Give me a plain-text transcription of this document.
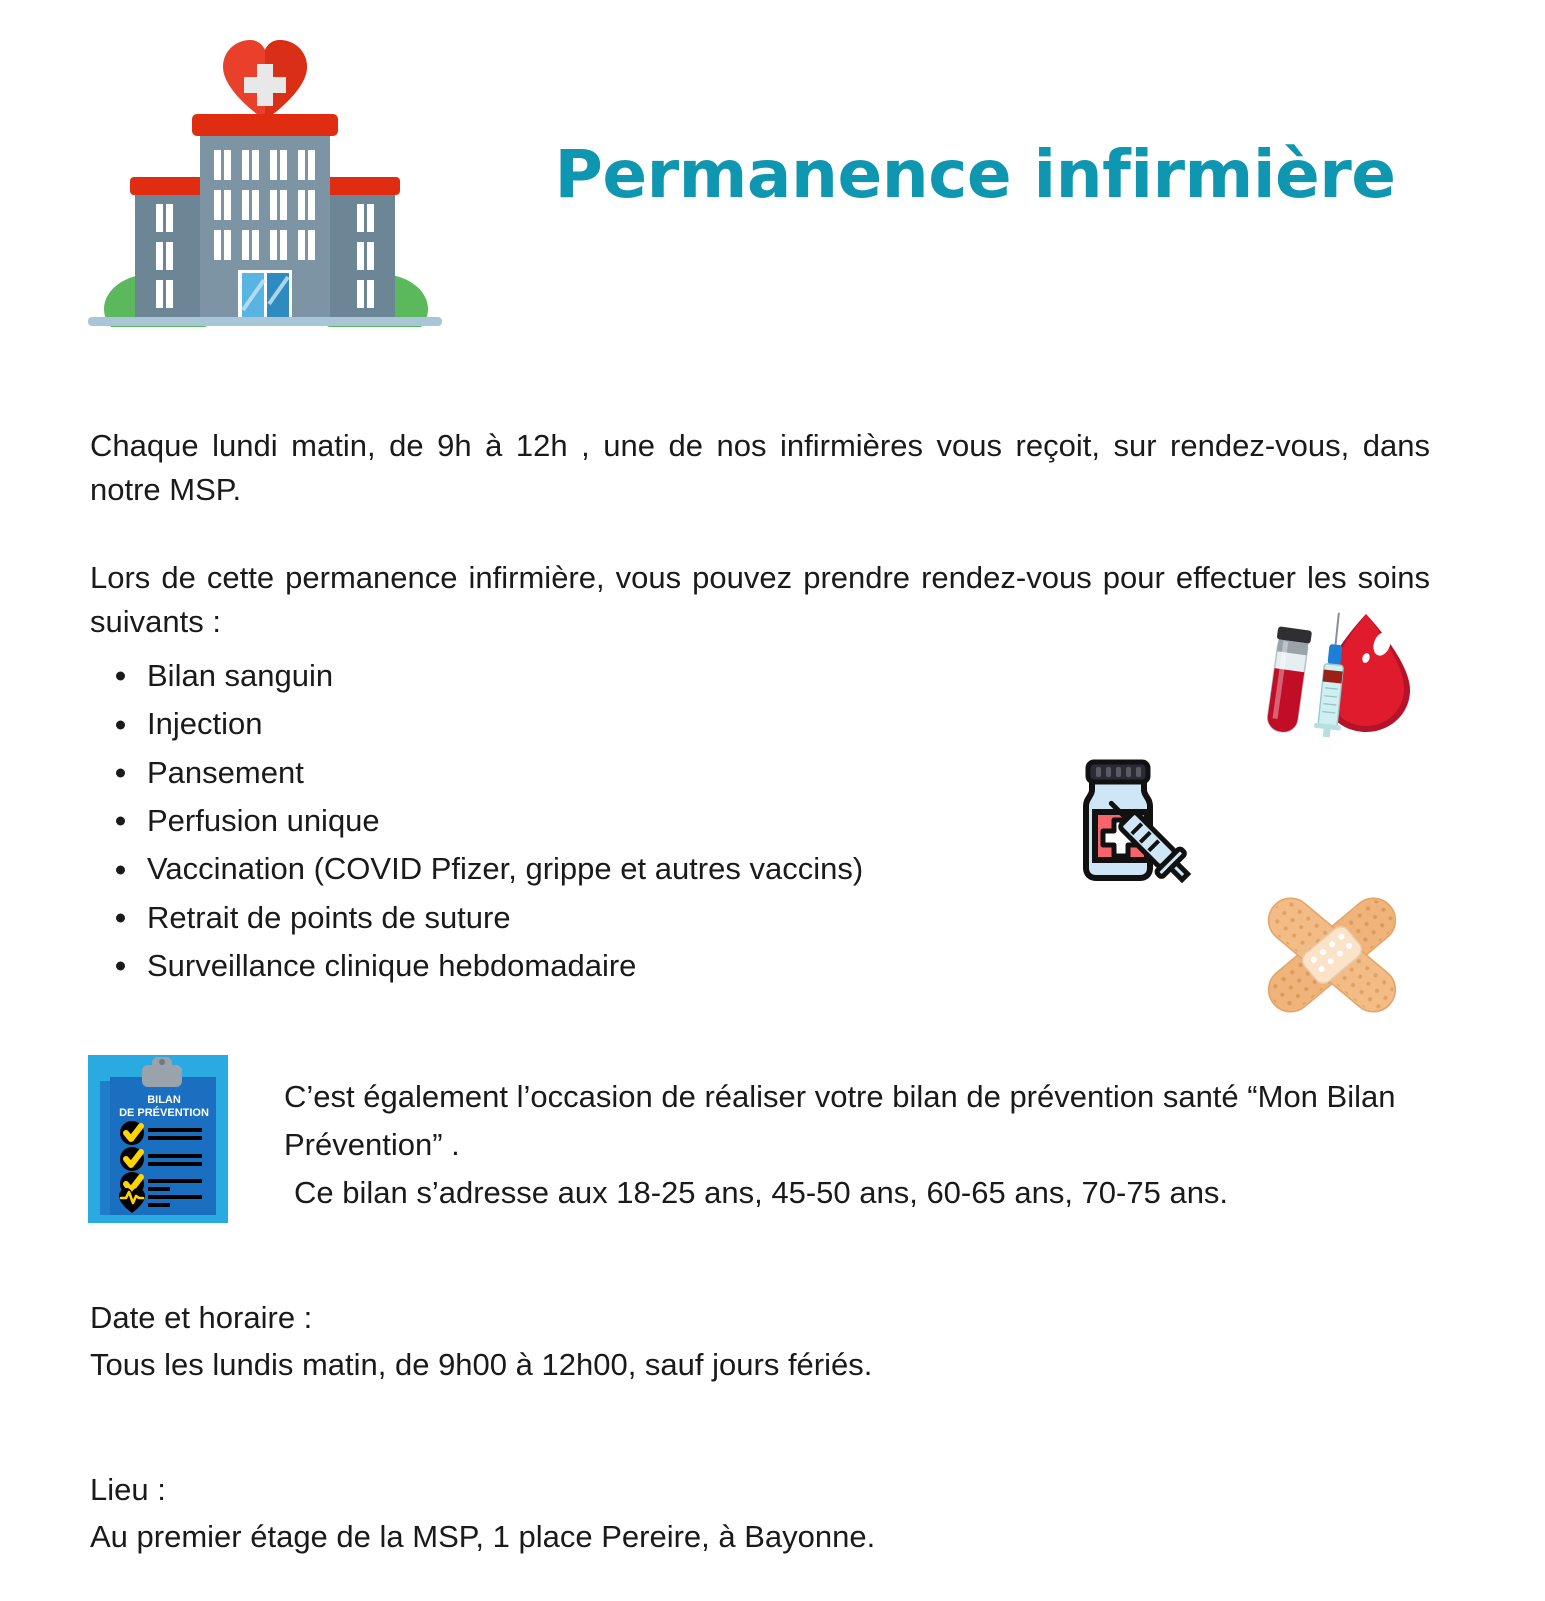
Permanence infirmière

Chaque lundi matin, de 9h à 12h , une de nos infirmières vous reçoit, sur rendez-vous, dans notre MSP.

Lors de cette permanence infirmière, vous pouvez prendre rendez-vous pour effectuer les soins suivants :

Bilan sanguin
Injection
Pansement
Perfusion unique
Vaccination (COVID Pfizer, grippe et autres vaccins)
Retrait de points de suture
Surveillance clinique hebdomadaire
BILAN
DE PRÉVENTION C’est également l’occasion de réaliser votre bilan de prévention santé “Mon Bilan Prévention” .
Ce bilan s’adresse aux 18-25 ans, 45-50 ans, 60-65 ans, 70-75 ans.
Date et horaire :
Tous les lundis matin, de 9h00 à 12h00, sauf jours fériés.
Lieu :
Au premier étage de la MSP, 1 place Pereire, à Bayonne.
